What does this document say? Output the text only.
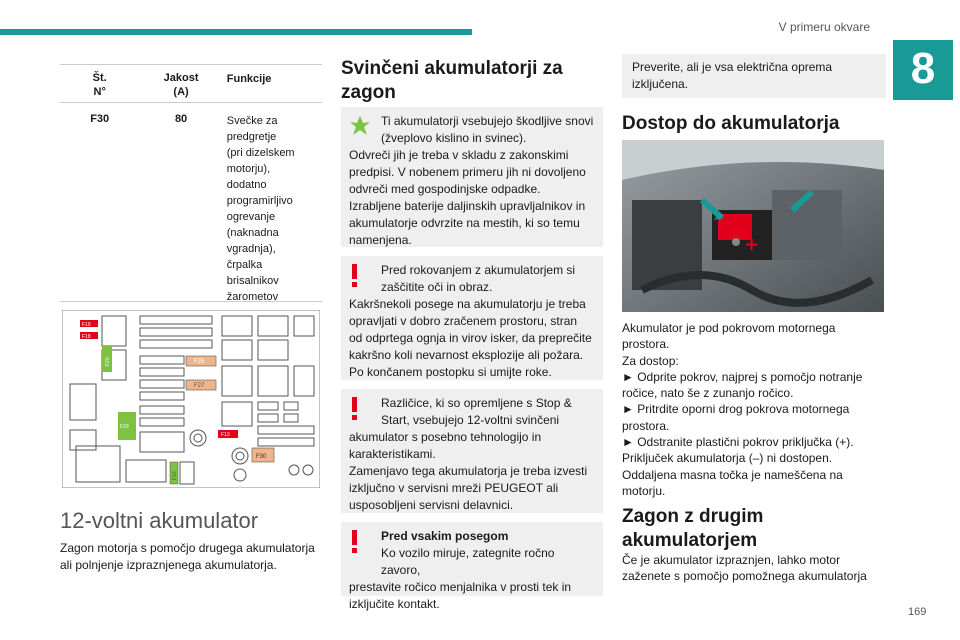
V primeru okvare
8
Št.
N°
Jakost
(A)
Funkcije
F30	80	Svečke za
predgretje
(pri dizelskem
motorju),
dodatno
programirljivo
ogrevanje
(naknadna
vgradnja),
črpalka
brisalnikov
žarometov
F19
F18
F20	F25
F27
F29
F13
F16
F30
12-voltni akumulator

Zagon motorja s pomočjo drugega akumulatorja
ali polnjenje izpraznjenega akumulatorja.

Svinčeni akumulatorji za
zagon
Ti akumulatorji vsebujejo škodljive snovi
(žveplovo kislino in svinec).
Odvreči jih je treba v skladu z zakonskimi
predpisi. V nobenem primeru jih ni dovoljeno
odvreči med gospodinjske odpadke.
Izrabljene baterije daljinskih upravljalnikov in
akumulatorje odvrzite na mestih, ki so temu
namenjena.
Pred rokovanjem z akumulatorjem si
zaščitite oči in obraz.
Kakršnekoli posege na akumulatorju je treba
opravljati v dobro zračenem prostoru, stran
od odprtega ognja in virov isker, da preprečite
kakršno koli nevarnost eksplozije ali požara.
Po končanem postopku si umijte roke.
Različice, ki so opremljene s Stop &
Start, vsebujejo 12-voltni svinčeni
akumulator s posebno tehnologijo in
karakteristikami.
Zamenjavo tega akumulatorja je treba izvesti
izključno v servisni mreži PEUGEOT ali
usposobljeni servisni delavnici.
Pred vsakim posegom
Ko vozilo miruje, zategnite ročno zavoro,
prestavite ročico menjalnika v prosti tek in
izključite kontakt.
Preverite, ali je vsa električna oprema
izključena.
Dostop do akumulatorja
+

Akumulator je pod pokrovom motornega
prostora.
Za dostop:
► Odprite pokrov, najprej s pomočjo notranje
ročice, nato še z zunanjo ročico.
► Pritrdite oporni drog pokrova motornega
prostora.
► Odstranite plastični pokrov priključka (+).
Priključek akumulatorja (–) ni dostopen.
Oddaljena masna točka je nameščena na
motorju.

Zagon z drugim
akumulatorjem

Če je akumulator izpraznjen, lahko motor
zaženete s pomočjo pomožnega akumulatorja

169
